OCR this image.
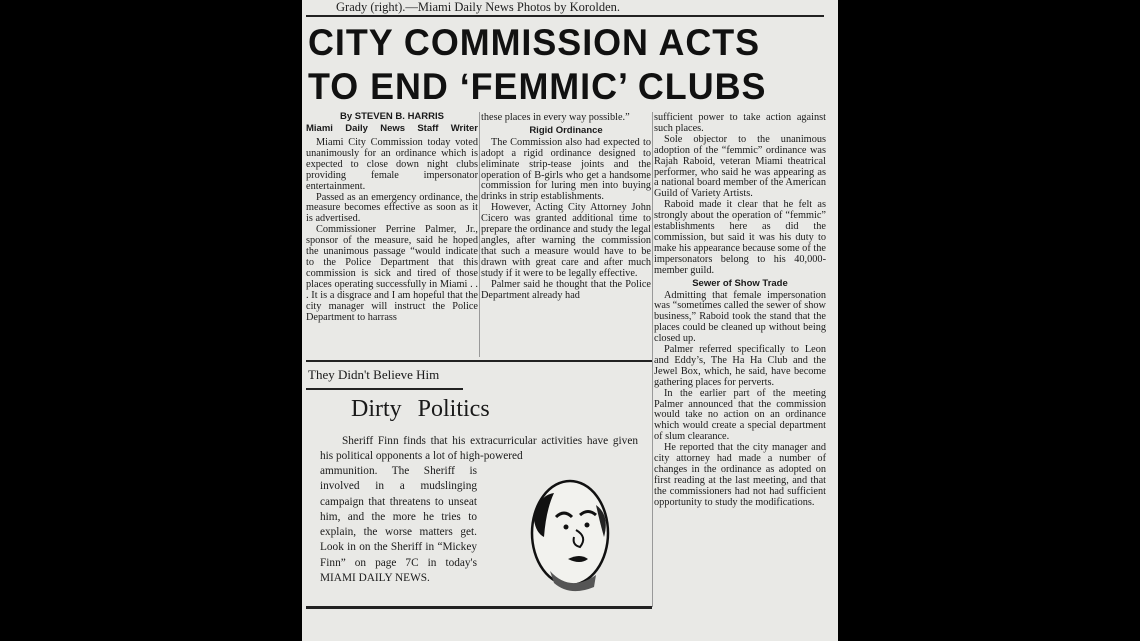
Grady (right).—Miami Daily News Photos by Korolden.
CITY COMMISSION ACTS
TO END ‘FEMMIC’ CLUBS
By STEVEN B. HARRIS
Miami Daily News Staff Writer

Miami City Commission today voted unanimously for an ordinance which is expected to close down night clubs providing female impersonator entertainment.

Passed as an emergency ordinance, the measure becomes effective as soon as it is advertised.

Commissioner Perrine Palmer, Jr., sponsor of the measure, said he hoped the unanimous passage “would indicate to the Police Department that this commission is sick and tired of those places operating successfully in Miami . . . It is a disgrace and I am hopeful that the city manager will instruct the Police Department to harrass

these places in every way possible.”

Rigid Ordinance

The Commission also had expected to adopt a rigid ordinance designed to eliminate strip-tease joints and the operation of B-girls who get a handsome commission for luring men into buying drinks in strip establishments.

However, Acting City Attorney John Cicero was granted additional time to prepare the ordinance and study the legal angles, after warning the commission that such a measure would have to be drawn with great care and after much study if it were to be legally effective.

Palmer said he thought that the Police Department already had

sufficient power to take action against such places.

Sole objector to the unanimous adoption of the “femmic” ordinance was Rajah Raboid, veteran Miami theatrical performer, who said he was appearing as a national board member of the American Guild of Variety Artists.

Raboid made it clear that he felt as strongly about the operation of “femmic” establishments here as did the commission, but said it was his duty to make his appearance because some of the impersonators belong to his 40,000-member guild.

Sewer of Show Trade

Admitting that female impersonation was “sometimes called the sewer of show business,” Raboid took the stand that the places could be cleaned up without being closed up.

Palmer referred specifically to Leon and Eddy’s, The Ha Ha Club and the Jewel Box, which, he said, have become gathering places for perverts.

In the earlier part of the meeting Palmer announced that the commission would take no action on an ordinance which would create a special department of slum clearance.

He reported that the city manager and city attorney had made a number of changes in the ordinance as adopted on first reading at the last meeting, and that the commissioners had not had sufficient opportunity to study the modifications.

They Didn't Believe Him
Dirty Politics
Sheriff Finn finds that his extracurricular activities have given his political opponents a lot of high-powered
ammunition. The Sheriff is involved in a mudslinging campaign that threatens to unseat him, and the more he tries to explain, the worse matters get. Look in on the Sheriff in “Mickey Finn” on page 7C in today's MIAMI DAILY NEWS.
